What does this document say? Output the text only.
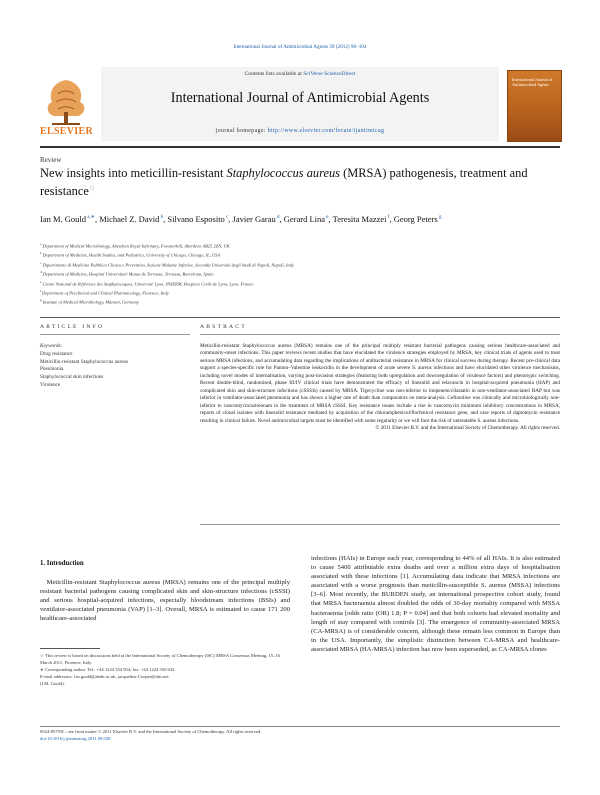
International Journal of Antimicrobial Agents 39 (2012) 96–104
ELSEVIER
Contents lists available at SciVerse ScienceDirect
International Journal of Antimicrobial Agents
journal homepage: http://www.elsevier.com/locate/ijantimicag
International Journal of Antimicrobial Agents
Review
New insights into meticillin-resistant Staphylococcus aureus (MRSA) pathogenesis, treatment and resistance☆
Ian M. Gould $^{a,∗}$, Michael Z. David $^b$, Silvano Esposito $^c$, Javier Garau $^d$, Gerard Lina $^e$, Teresita Mazzei $^f$, Georg Peters $^g$
$^a$ Department of Medical Microbiology, Aberdeen Royal Infirmary, Foresterhill, Aberdeen AB25 2ZN, UK
$^b$ Department of Medicine, Health Studies, and Pediatrics, University of Chicago, Chicago, IL, USA
$^c$ Dipartimento di Medicina Pubblica Clinica e Preventiva, Sezione Malattie Infettive, Seconda Università degli Studi di Napoli, Napoli, Italy
$^d$ Department of Medicine, Hospital Universitari Mutua de Terrassa, Terrassa, Barcelona, Spain
$^e$ Centre National de Référence des Staphylocoques, Université Lyon, INSERM, Hospices Civils de Lyon, Lyon, France
$^f$ Department of Preclinical and Clinical Pharmacology, Florence, Italy
$^g$ Institute of Medical Microbiology, Münster, Germany
ARTICLE INFO	ABSTRACT
Keywords:
Drug resistance
Meticillin-resistant Staphylococcus aureus
Pneumonia
Staphylococcal skin infections
Virulence
Meticillin-resistant Staphylococcus aureus (MRSA) remains one of the principal multiply resistant bacterial pathogens causing serious healthcare-associated and community-onset infections. This paper reviews recent studies that have elucidated the virulence strategies employed by MRSA, key clinical trials of agents used to treat serious MRSA infections, and accumulating data regarding the implications of antibacterial resistance in MRSA for clinical success during therapy. Recent pre-clinical data support a species-specific role for Panton–Valentine leukocidin in the development of acute severe S. aureus infections and have elucidated other virulence mechanisms, including novel modes of internalisation, varying post-invasion strategies (featuring both upregulation and downregulation of virulence factors) and phenotypic switching. Recent double-blind, randomised, phase III/IV clinical trials have demonstrated the efficacy of linezolid and telavancin in hospital-acquired pneumonia (HAP) and complicated skin and skin-structure infections (cSSSIs) caused by MRSA. Tigecycline was non-inferior to imipenem/cilastatin in non-ventilator-associated HAP but was inferior in ventilator-associated pneumonia and has shown a higher rate of death than comparators on meta-analysis. Ceftaroline was clinically and microbiologically non-inferior to vancomycin/aztreonam in the treatment of MRSA cSSSI. Key resistance issues include a rise in vancomycin minimum inhibitory concentrations in MRSA, reports of clonal isolates with linezolid resistance mediated by acquisition of the chloramphenicol/florfenicol resistance gene, and case reports of daptomycin resistance resulting in clinical failure. Novel antimicrobial targets must be identified with some regularity or we will face the risk of untreatable S. aureus infections.
© 2011 Elsevier B.V. and the International Society of Chemotherapy. All rights reserved.
1. Introduction
 Meticillin-resistant Staphylococcus aureus (MRSA) remains one of the principal multiply resistant bacterial pathogens causing complicated skin and skin-structure infections (cSSSI) and serious hospital-acquired infections, especially bloodstream infections (BSIs) and ventilator-associated pneumonia (VAP) [1–3]. Overall, MRSA is estimated to cause 171 200 healthcare-associated
infections (HAIs) in Europe each year, corresponding to 44% of all HAIs. It is also estimated to cause 5400 attributable extra deaths and over a million extra days of hospitalisation associated with these infections [1]. Accumulating data indicate that MRSA infections are associated with a worse prognosis than meticillin-susceptible S. aureus (MSSA) infections [3–6]. Most recently, the BURDEN study, an international prospective cohort study, found that MRSA bacteraemia almost doubled the odds of 30-day mortality compared with MSSA bacteraemia [odds ratio (OR) 1.8; P = 0.04] and that both cohorts had elevated mortality and length of stay compared with controls [3]. The emergence of community-associated MRSA (CA-MRSA) is of considerable concern, although these remain less common in Europe than in the USA. Importantly, the simplistic distinction between CA-MRSA and healthcare-associated MRSA (HA-MRSA) infection has now been superseded, as CA-MRSA clones
☆ This review is based on discussions held at the International Society of Chemotherapy (ISC) MRSA Consensus Meeting, 15–16 March 2011, Florence, Italy.
∗ Corresponding author. Tel.: +44 1224 554 954; fax: +44 1224 550 632.
E-mail addresses: i.m.gould@abdn.ac.uk, jacqueline.Cooper@nhs.net
(I.M. Gould).
0924-8579/$ – see front matter © 2011 Elsevier B.V. and the International Society of Chemotherapy. All rights reserved.
doi:10.1016/j.ijantimicag.2011.09.028
